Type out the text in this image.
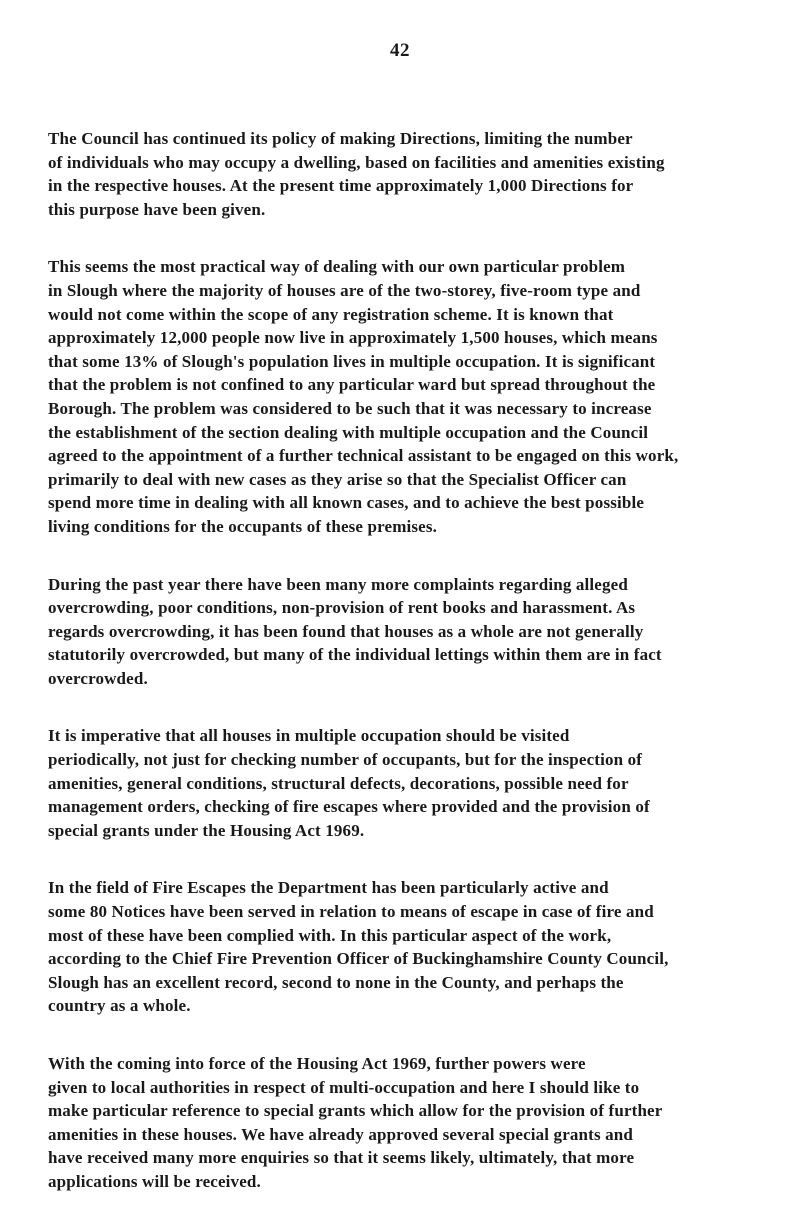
42

The Council has continued its policy of making Directions, limiting the number
of individuals who may occupy a dwelling, based on facilities and amenities existing
in the respective houses. At the present time approximately 1,000 Directions for
this purpose have been given.

This seems the most practical way of dealing with our own particular problem
in Slough where the majority of houses are of the two-storey, five-room type and
would not come within the scope of any registration scheme. It is known that
approximately 12,000 people now live in approximately 1,500 houses, which means
that some 13% of Slough's population lives in multiple occupation. It is significant
that the problem is not confined to any particular ward but spread throughout the
Borough. The problem was considered to be such that it was necessary to increase
the establishment of the section dealing with multiple occupation and the Council
agreed to the appointment of a further technical assistant to be engaged on this work,
primarily to deal with new cases as they arise so that the Specialist Officer can
spend more time in dealing with all known cases, and to achieve the best possible
living conditions for the occupants of these premises.

During the past year there have been many more complaints regarding alleged
overcrowding, poor conditions, non-provision of rent books and harassment. As
regards overcrowding, it has been found that houses as a whole are not generally
statutorily overcrowded, but many of the individual lettings within them are in fact
overcrowded.

It is imperative that all houses in multiple occupation should be visited
periodically, not just for checking number of occupants, but for the inspection of
amenities, general conditions, structural defects, decorations, possible need for
management orders, checking of fire escapes where provided and the provision of
special grants under the Housing Act 1969.

In the field of Fire Escapes the Department has been particularly active and
some 80 Notices have been served in relation to means of escape in case of fire and
most of these have been complied with. In this particular aspect of the work,
according to the Chief Fire Prevention Officer of Buckinghamshire County Council,
Slough has an excellent record, second to none in the County, and perhaps the
country as a whole.

With the coming into force of the Housing Act 1969, further powers were
given to local authorities in respect of multi-occupation and here I should like to
make particular reference to special grants which allow for the provision of further
amenities in these houses. We have already approved several special grants and
have received many more enquiries so that it seems likely, ultimately, that more
applications will be received.
